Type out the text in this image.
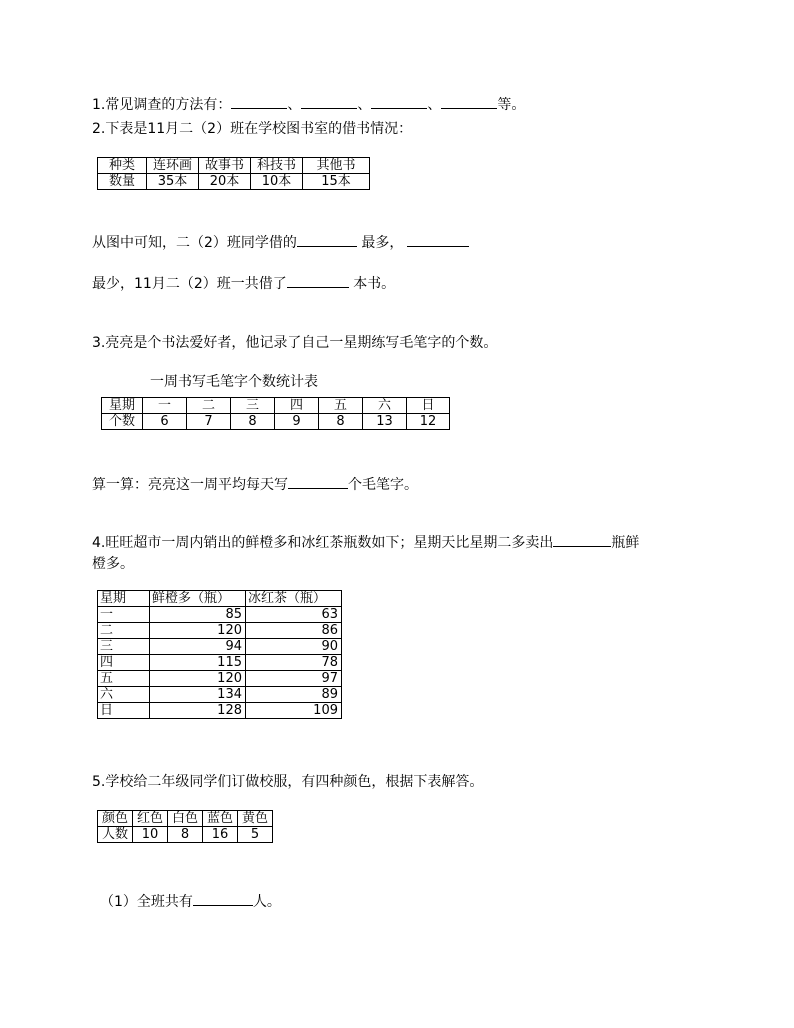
1.常见调查的方法有：	、	、	、	等。
2.下表是11月二（2）班在学校图书室的借书情况：
种类	连环画	故事书	科技书	其他书
数量	35本	20本	10本	15本
从图中可知，二（2）班同学借的	最多，
最少，11月二（2）班一共借了	本书。
3.亮亮是个书法爱好者，他记录了自己一星期练写毛笔字的个数。
一周书写毛笔字个数统计表
星期	一	二	三	四	五	六	日
个数	6	7	8	9	8	13	12
算一算：亮亮这一周平均每天写	个毛笔字。
4.旺旺超市一周内销出的鲜橙多和冰红茶瓶数如下；星期天比星期二多卖出	瓶鲜
橙多。
星期	鲜橙多（瓶）	冰红茶（瓶）
一	85	63
二	120	86
三	94	90
四	115	78
五	120	97
六	134	89
日	128	109
5.学校给二年级同学们订做校服，有四种颜色，根据下表解答。
颜色	红色	白色	蓝色	黄色
人数	10	8	16	5
（1）全班共有	人。
